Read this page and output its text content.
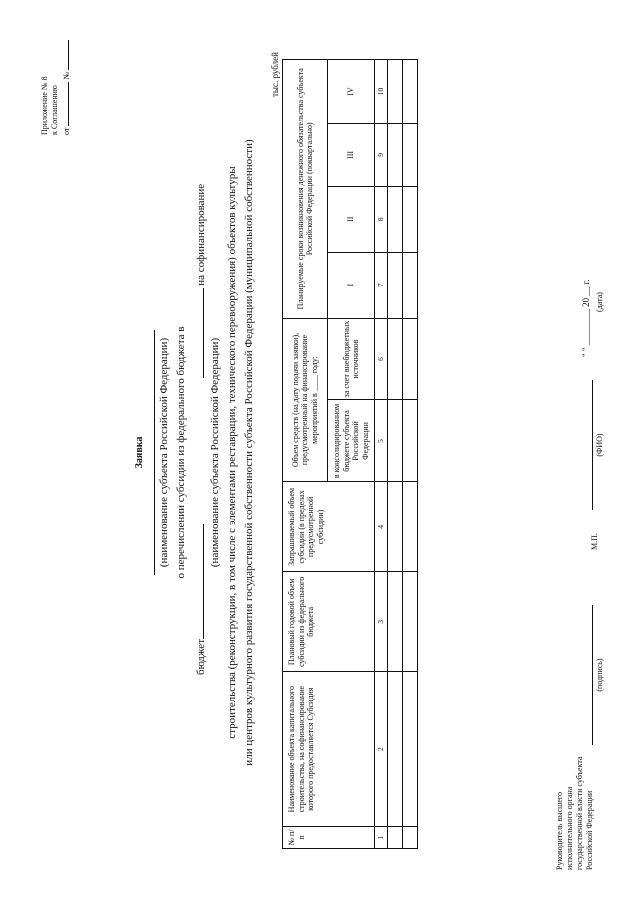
Приложение № 8 к Соглашению от  №
Заявка (наименование субъекта Российской Федерации) о перечислении субсидии из федерального бюджета в
бюджет   на софинансирование
(наименование субъекта Российской Федерации) строительства (реконструкции, в том числе с элементами реставрации, технического перевооружения) объектов культуры или центров культурного развития государственной собственности субъекта Российской Федерации (муниципальной собственности)
тыс. рублей
№ п/п	Наименование объекта капитального строительства, на софинансирование которого предоставляется Субсидия	Плановый годовой объем субсидии из федерального бюджета	Запрашиваемый объем субсидии (в пределах предусмотренной субсидии)	Объем средств (на дату подачи заявки), предусмотренный на финансирование мероприятий в ____ году:		Планируемые сроки возникновения денежного обязательства субъекта Российской Федерации (поквартально)			
				в консолидированном бюджете субъекта Российской Федерации	за счет внебюджетных источников	I	II	III	IV
1	2	3	4	5	6	7	8	9	10

Руководитель высшего исполнительного органа государственной власти субъекта Российской Федерации
(подпись)
М.П.
(ФИО)
" " ________ 20 __ г. (дата)
